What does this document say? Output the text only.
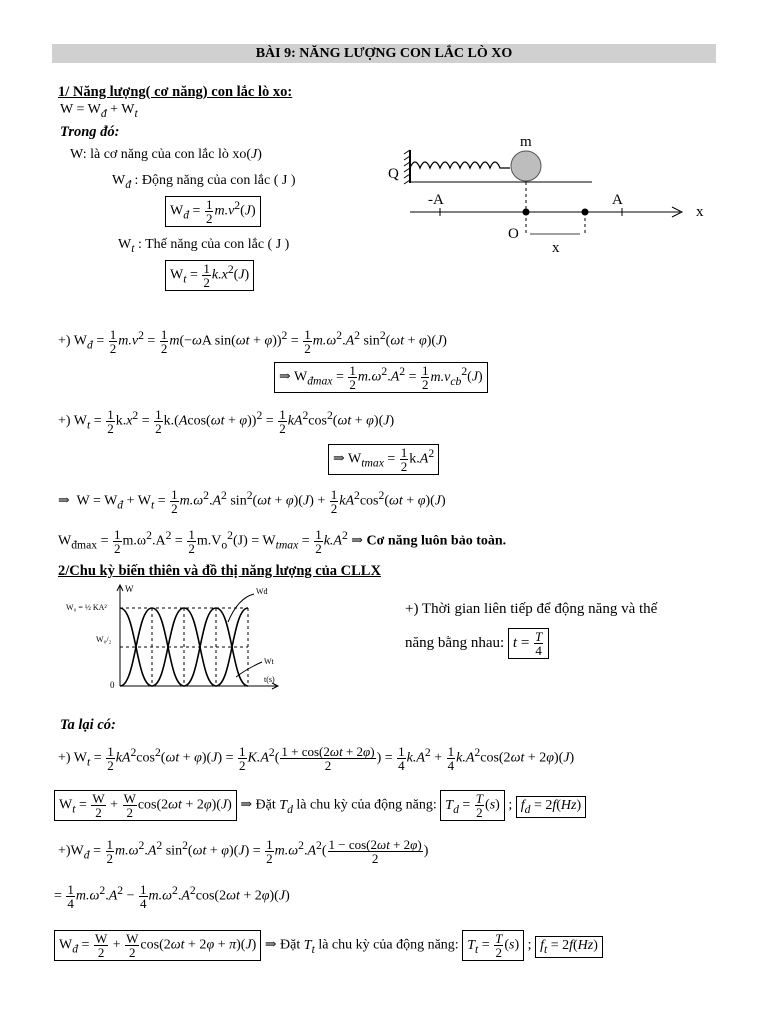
BÀI 9: NĂNG LƯỢNG CON LẮC LÒ XO
1/ Năng lượng( cơ năng) con lắc lò xo:
$W = W_đ + W_t$
Trong đó:
W: là cơ năng của con lắc lò xo(J)
$W_đ$ : Động năng của con lắc ( J )
$W_đ = \frac{1}{2} m.v^2(J)$
$W_t$ : Thế năng của con lắc ( J )
$W_t = \frac{1}{2} k.x^2(J)$
Q
m
-A	A
x
O
x
+) $W_đ = \frac{1}{2} m.v^2 = \frac{1}{2} m(-\omega A$ $\sin(\omega t + \varphi))^2 = \frac{1}{2} m.\omega^2.A^2$ $\sin^2(\omega t + \varphi)(J)$
⇒ $W_{đmax} = \frac{1}{2} m.\omega^2.A^2 = \frac{1}{2} m.v_{cb}^2(J)$
+) $W_t = \frac{1}{2} k.x^2 = \frac{1}{2} k.(Acos(\omega t + \varphi))^2 = \frac{1}{2} kA^2\cos^2(\omega t + \varphi)(J)$
⇒ $W_{tmax} = \frac{1}{2} k.A^2$
⇒  $W = W_đ + W_t = \frac{1}{2} m.\omega^2.A^2$ $\sin^2(\omega t + \varphi)(J) + \frac{1}{2} kA^2\cos^2(\omega t + \varphi)(J)$
$W_{đmax} = \frac{1}{2} m.\omega^2.A^2 = \frac{1}{2} m.V_o^2(J) = W_{tmax} = \frac{1}{2} k.A^2$ ⇒ Cơ năng luôn bảo toàn.
2/Chu kỳ biến thiên và đồ thị năng lượng của CLLX
W
W₀ = ½ KA²
W₀/₂
0
t(s)
Wđ
Wt
+) Thời gian liên tiếp để động năng và thế
năng bằng nhau: $t = \frac{T}{4}$
Ta lại có:
+) $W_t = \frac{1}{2} kA^2\cos^2(\omega t + \varphi)(J) = \frac{1}{2} K.A^2( \frac{1 + \cos(2\omega t + 2\varphi)}{2}$ ) = $\frac{1}{4} k.A^2 + \frac{1}{4} k.A^2\cos(2\omega t + 2\varphi)(J)$
$W_t = \frac{W}{2} + \frac{W}{2} \cos(2\omega t + 2\varphi)(J)$ ⇒ Đặt $T_d$ là chu kỳ của động năng: $T_d = \frac{T}{2} (s)$ ; $f_d = 2f(Hz)$
$+)W_đ = \frac{1}{2} m.\omega^2.A^2$ $\sin^2(\omega t + \varphi)(J) = \frac{1}{2} m.\omega^2.A^2( \frac{1 - \cos(2\omega t + 2\varphi)}{2}$ )
= $\frac{1}{4} m.\omega^2.A^2 - \frac{1}{4} m.\omega^2.A^2\cos(2\omega t + 2\varphi)(J)$
$W_đ = \frac{W}{2} + \frac{W}{2} \cos(2\omega t + 2\varphi + \pi)(J)$ ⇒ Đặt $T_t$ là chu kỳ của động năng: $T_t = \frac{T}{2} (s)$ ; $f_t = 2f(Hz)$
